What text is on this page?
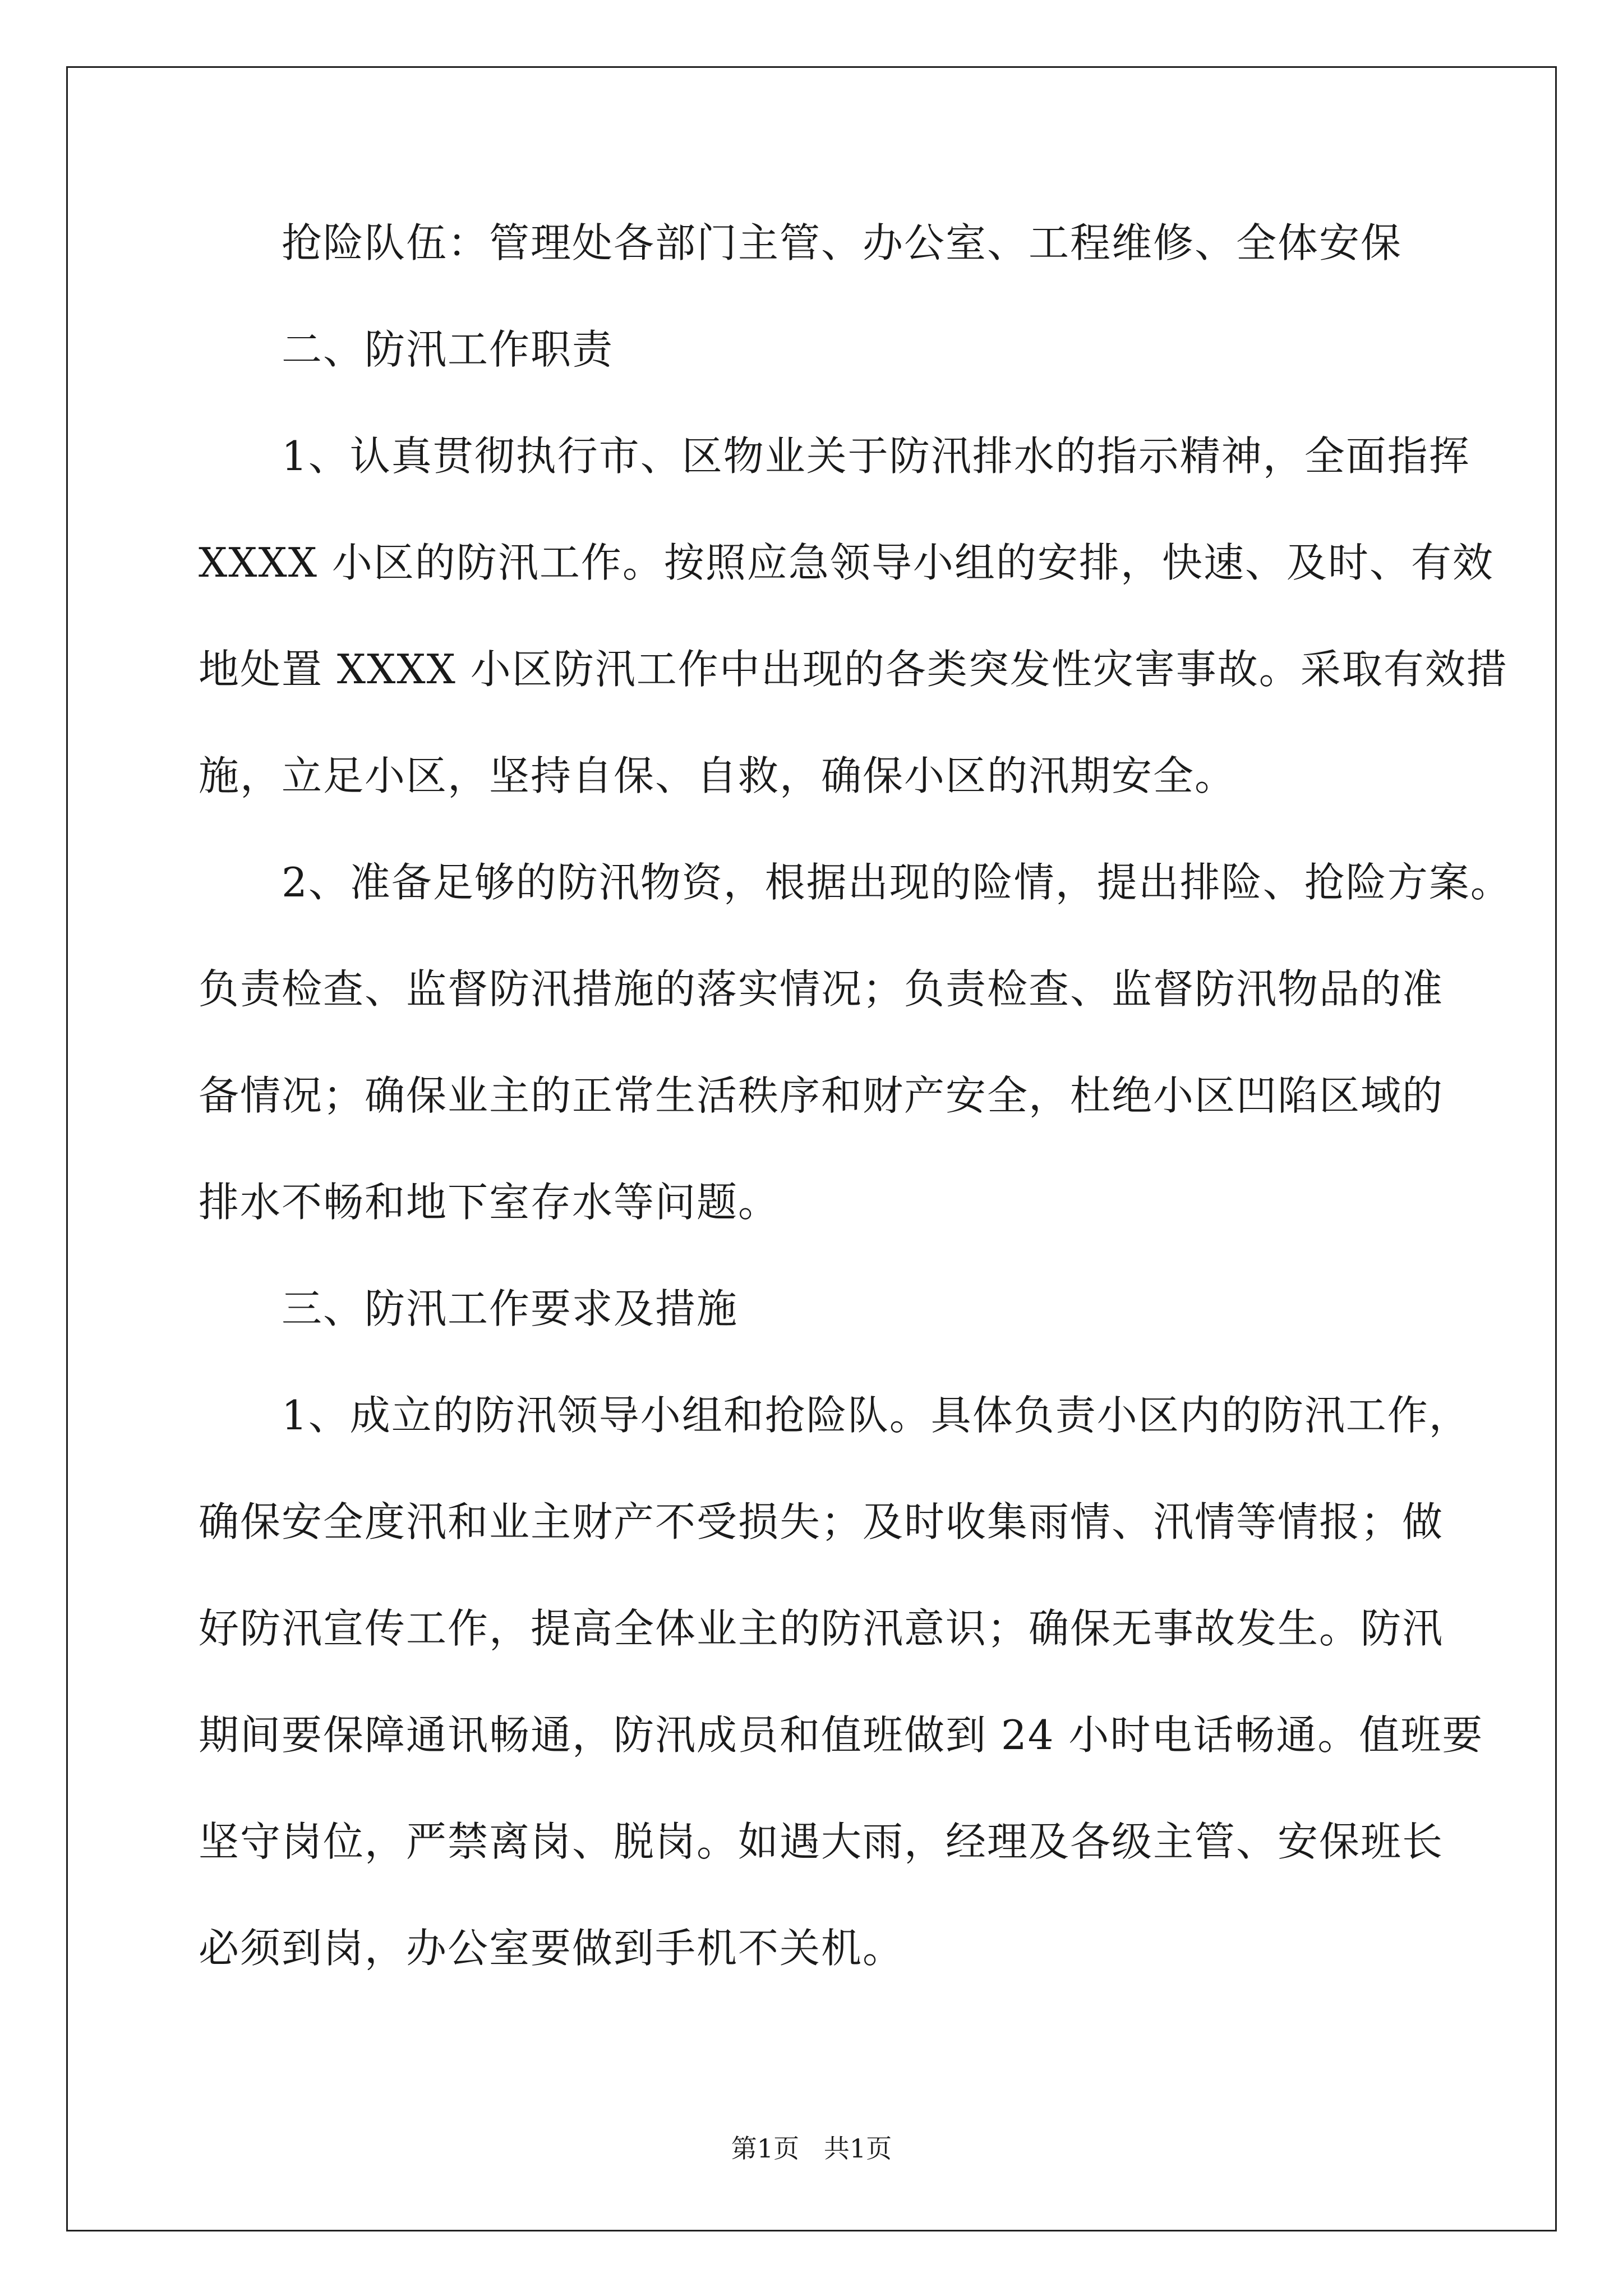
抢险队伍：管理处各部门主管、办公室、工程维修、全体安保

二、防汛工作职责

1、认真贯彻执行市、区物业关于防汛排水的指示精神，全面指挥

XXXX 小区的防汛工作。按照应急领导小组的安排，快速、及时、有效

地处置 XXXX 小区防汛工作中出现的各类突发性灾害事故。采取有效措

施，立足小区，坚持自保、自救，确保小区的汛期安全。

2、准备足够的防汛物资，根据出现的险情，提出排险、抢险方案。

负责检查、监督防汛措施的落实情况；负责检查、监督防汛物品的准

备情况；确保业主的正常生活秩序和财产安全，杜绝小区凹陷区域的

排水不畅和地下室存水等问题。

三、防汛工作要求及措施

1、成立的防汛领导小组和抢险队。具体负责小区内的防汛工作，

确保安全度汛和业主财产不受损失；及时收集雨情、汛情等情报；做

好防汛宣传工作，提高全体业主的防汛意识；确保无事故发生。防汛

期间要保障通讯畅通，防汛成员和值班做到 24 小时电话畅通。值班要

坚守岗位，严禁离岗、脱岗。如遇大雨，经理及各级主管、安保班长

必须到岗，办公室要做到手机不关机。

第1页   共1页
